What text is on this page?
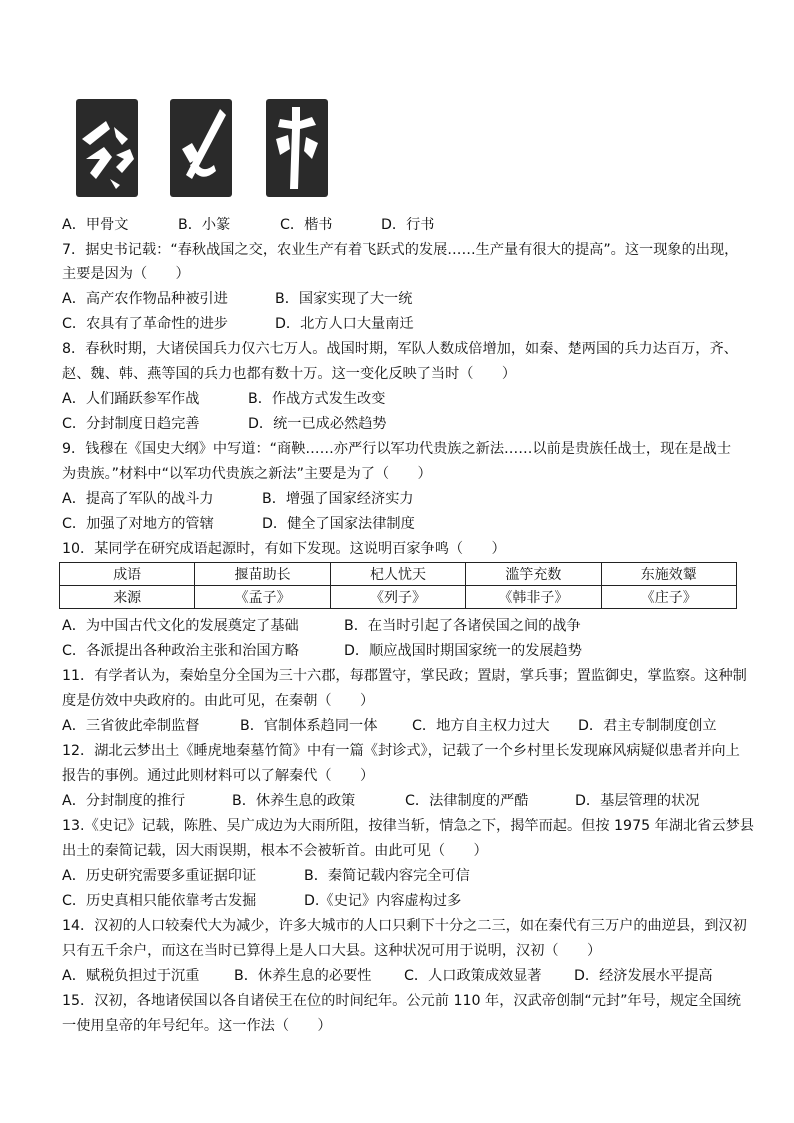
A．甲骨文	B．小篆	C．楷书	D．行书
7．据史书记载：“春秋战国之交，农业生产有着飞跃式的发展……生产量有很大的提高”。这一现象的出现，
主要是因为（　　）
A．高产农作物品种被引进	B．国家实现了大一统
C．农具有了革命性的进步	D．北方人口大量南迁
8．春秋时期，大诸侯国兵力仅六七万人。战国时期，军队人数成倍增加，如秦、楚两国的兵力达百万，齐、
赵、魏、韩、燕等国的兵力也都有数十万。这一变化反映了当时（　　）
A．人们踊跃参军作战	B．作战方式发生改变
C．分封制度日趋完善	D．统一已成必然趋势
9．钱穆在《国史大纲》中写道：“商鞅……亦严行以军功代贵族之新法……以前是贵族任战士，现在是战士
为贵族。”材料中“以军功代贵族之新法”主要是为了（　　）
A．提高了军队的战斗力	B．增强了国家经济实力
C．加强了对地方的管辖	D．健全了国家法律制度
10．某同学在研究成语起源时，有如下发现。这说明百家争鸣（　　）
成语	揠苗助长	杞人忧天	滥竽充数	东施效颦
来源	《孟子》	《列子》	《韩非子》	《庄子》
A．为中国古代文化的发展奠定了基础	B．在当时引起了各诸侯国之间的战争
C．各派提出各种政治主张和治国方略	D．顺应战国时期国家统一的发展趋势
11．有学者认为，秦始皇分全国为三十六郡，每郡置守，掌民政；置尉，掌兵事；置监御史，掌监察。这种制
度是仿效中央政府的。由此可见，在秦朝（　　）
A．三省彼此牵制监督	B．官制体系趋同一体 C．地方自主权力过大 D．君主专制制度创立
12．湖北云梦出土《睡虎地秦墓竹简》中有一篇《封诊式》，记载了一个乡村里长发现麻风病疑似患者并向上
报告的事例。通过此则材料可以了解秦代（　　）
A．分封制度的推行	B．休养生息的政策	C．法律制度的严酷	D．基层管理的状况
13.《史记》记载，陈胜、吴广成边为大雨所阻，按律当斩，情急之下，揭竿而起。但按 1975 年湖北省云梦县
出土的秦简记载，因大雨误期，根本不会被斩首。由此可见（　　）
A．历史研究需要多重证据印证	B．秦简记载内容完全可信
C．历史真相只能依靠考古发掘	D.《史记》内容虚构过多
14．汉初的人口较秦代大为减少，许多大城市的人口只剩下十分之二三，如在秦代有三万户的曲逆县，到汉初
只有五千余户，而这在当时已算得上是人口大县。这种状况可用于说明，汉初（　　）
A．赋税负担过于沉重 B．休养生息的必要性 C．人口政策成效显著 D．经济发展水平提高
15．汉初，各地诸侯国以各自诸侯王在位的时间纪年。公元前 110 年，汉武帝创制“元封”年号，规定全国统
一使用皇帝的年号纪年。这一作法（　　）
